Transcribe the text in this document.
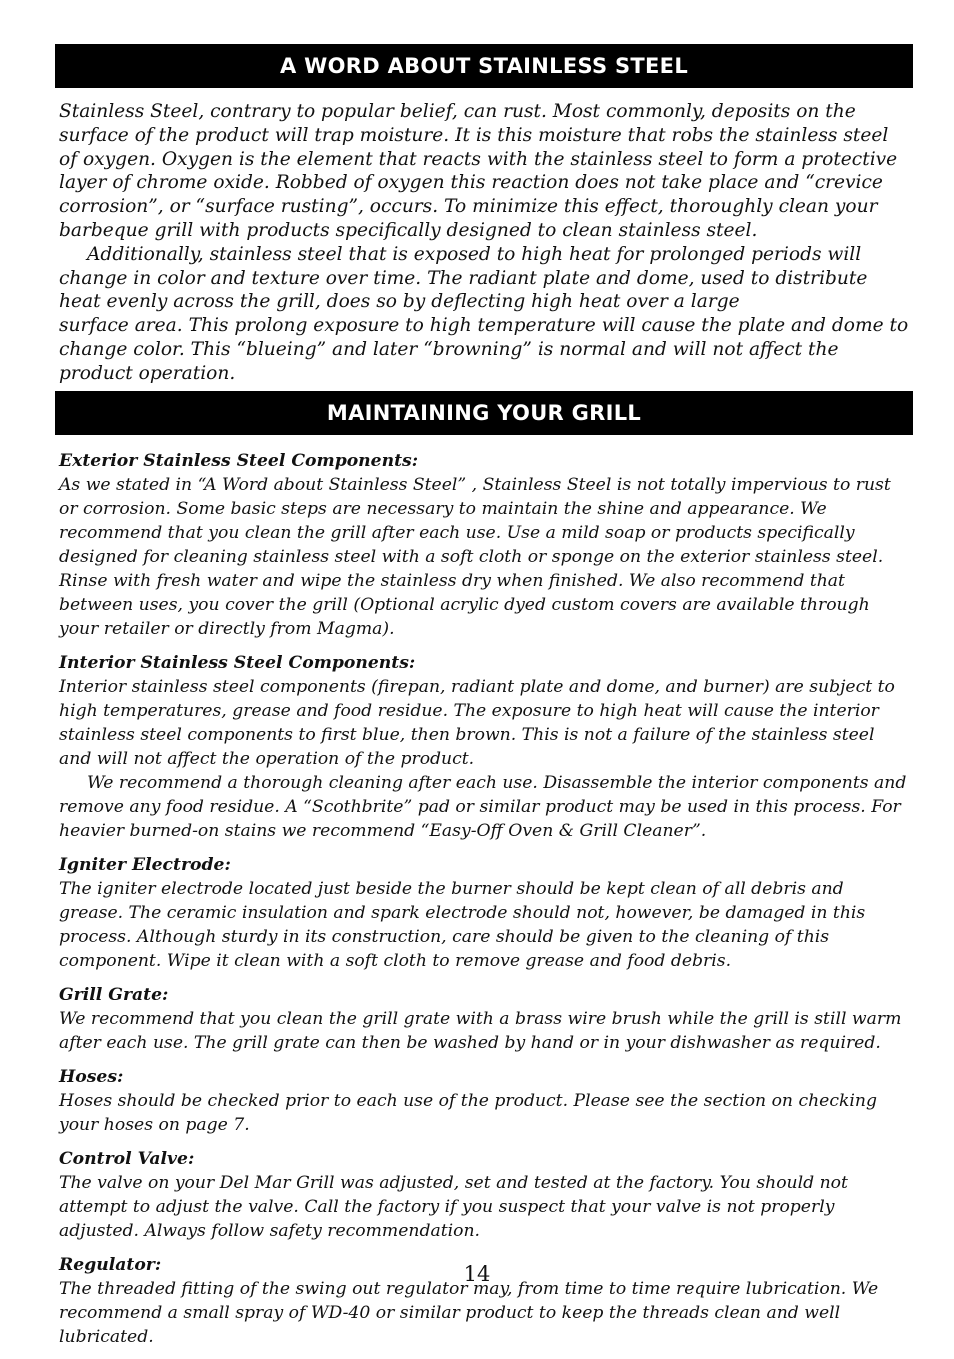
A WORD ABOUT STAINLESS STEEL

Stainless Steel, contrary to popular belief, can rust. Most commonly, deposits on the surface of the product will trap moisture. It is this moisture that robs the stainless steel of oxygen. Oxygen is the element that reacts with the stainless steel to form a protective layer of chrome oxide. Robbed of oxygen this reaction does not take place and “crevice corrosion”, or “surface rusting”, occurs. To minimize this effect, thoroughly clean your barbeque grill with products specifically designed to clean stainless steel.

Additionally, stainless steel that is exposed to high heat for prolonged periods will change in color and texture over time. The radiant plate and dome, used to distribute heat evenly across the grill, does so by deflecting high heat over a large

surface area. This prolong exposure to high temperature will cause the plate and dome to change color. This “blueing” and later “browning” is normal and will not affect the product operation.

MAINTAINING YOUR GRILL
Exterior Stainless Steel Components:

As we stated in “A Word about Stainless Steel” , Stainless Steel is not totally impervious to rust or corrosion. Some basic steps are necessary to maintain the shine and appearance. We recommend that you clean the grill after each use. Use a mild soap or products specifically designed for cleaning stainless steel with a soft cloth or sponge on the exterior stainless steel. Rinse with fresh water and wipe the stainless dry when finished. We also recommend that between uses, you cover the grill (Optional acrylic dyed custom covers are available through your retailer or directly from Magma).

Interior Stainless Steel Components:

Interior stainless steel components (firepan, radiant plate and dome, and burner) are subject to high temperatures, grease and food residue. The exposure to high heat will cause the interior stainless steel components to first blue, then brown. This is not a failure of the stainless steel and will not affect the operation of the product.

We recommend a thorough cleaning after each use. Disassemble the interior components and remove any food residue. A “Scothbrite” pad or similar product may be used in this process. For heavier burned-on stains we recommend “Easy-Off Oven & Grill Cleaner”.

Igniter Electrode:

The igniter electrode located just beside the burner should be kept clean of all debris and grease. The ceramic insulation and spark electrode should not, however, be damaged in this process. Although sturdy in its construction, care should be given to the cleaning of this component. Wipe it clean with a soft cloth to remove grease and food debris.

Grill Grate:

We recommend that you clean the grill grate with a brass wire brush while the grill is still warm after each use. The grill grate can then be washed by hand or in your dishwasher as required.

Hoses:

Hoses should be checked prior to each use of the product. Please see the section on checking your hoses on page 7.

Control Valve:

The valve on your Del Mar Grill was adjusted, set and tested at the factory. You should not attempt to adjust the valve. Call the factory if you suspect that your valve is not properly adjusted. Always follow safety recommendation.

Regulator:

The threaded fitting of the swing out regulator may, from time to time require lubrication. We recommend a small spray of WD-40 or similar product to keep the threads clean and well lubricated.

14
